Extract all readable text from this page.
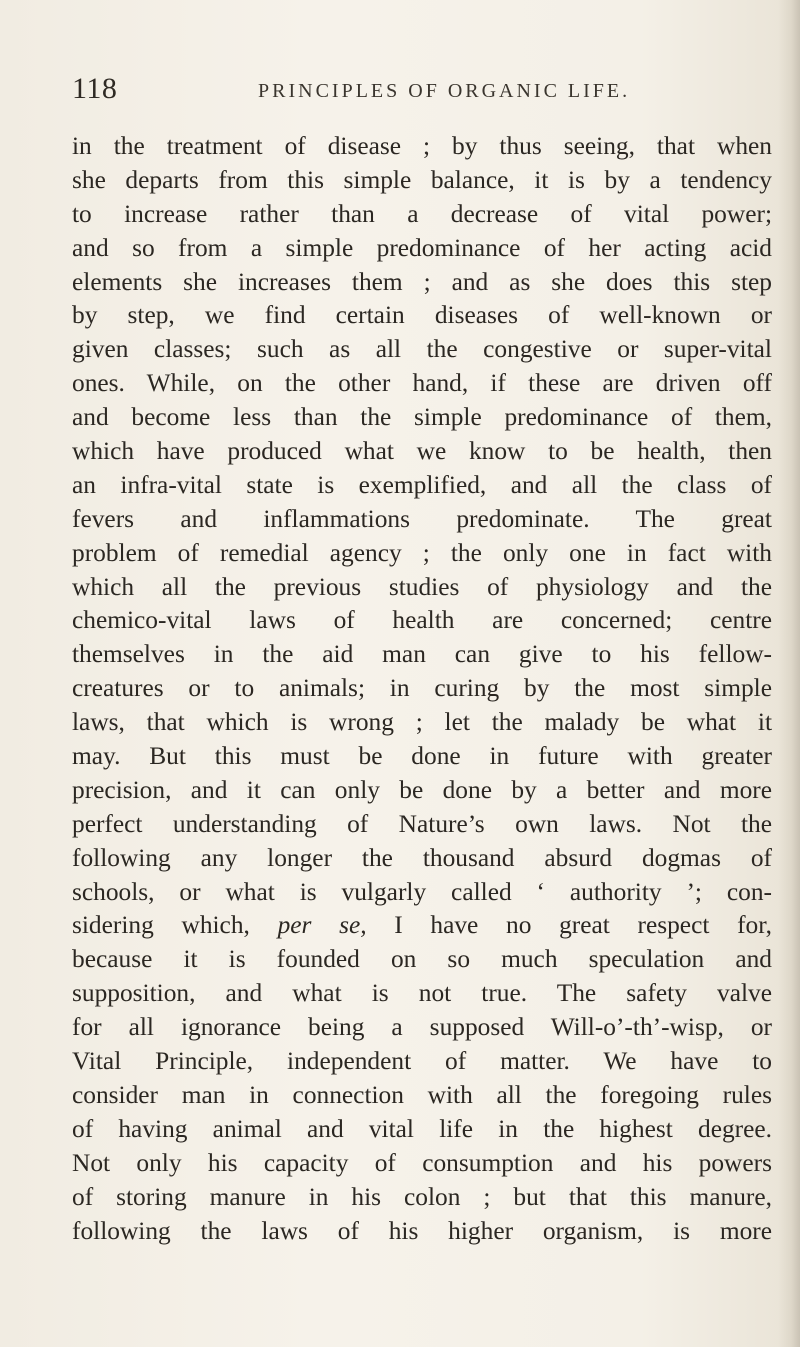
118	PRINCIPLES OF ORGANIC LIFE.
in the treatment of disease ; by thus seeing, that when
she departs from this simple balance, it is by a tendency
to increase rather than a decrease of vital power;
and so from a simple predominance of her acting acid
elements she increases them ; and as she does this step
by step, we find certain diseases of well-known or
given classes; such as all the congestive or super-vital
ones. While, on the other hand, if these are driven off
and become less than the simple predominance of them,
which have produced what we know to be health, then
an infra-vital state is exemplified, and all the class of
fevers and inflammations predominate. The great
problem of remedial agency ; the only one in fact with
which all the previous studies of physiology and the
chemico-vital laws of health are concerned; centre
themselves in the aid man can give to his fellow-
creatures or to animals; in curing by the most simple
laws, that which is wrong ; let the malady be what it
may. But this must be done in future with greater
precision, and it can only be done by a better and more
perfect understanding of Nature’s own laws. Not the
following any longer the thousand absurd dogmas of
schools, or what is vulgarly called ‘ authority ’; con-
sidering which, per se, I have no great respect for,
because it is founded on so much speculation and
supposition, and what is not true. The safety valve
for all ignorance being a supposed Will-o’-th’-wisp, or
Vital Principle, independent of matter. We have to
consider man in connection with all the foregoing rules
of having animal and vital life in the highest degree.
Not only his capacity of consumption and his powers
of storing manure in his colon ; but that this manure,
following the laws of his higher organism, is more
